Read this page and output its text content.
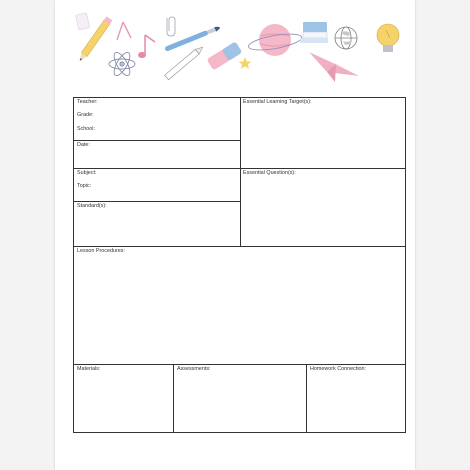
Teacher:
Grade:
School:
Date:
Essential Learning Target(s):
Subject:
Topic:
Standard(s):
Essential Question(s):
Lesson Procedures:
Materials:	Assessments:	Homework Connection:
